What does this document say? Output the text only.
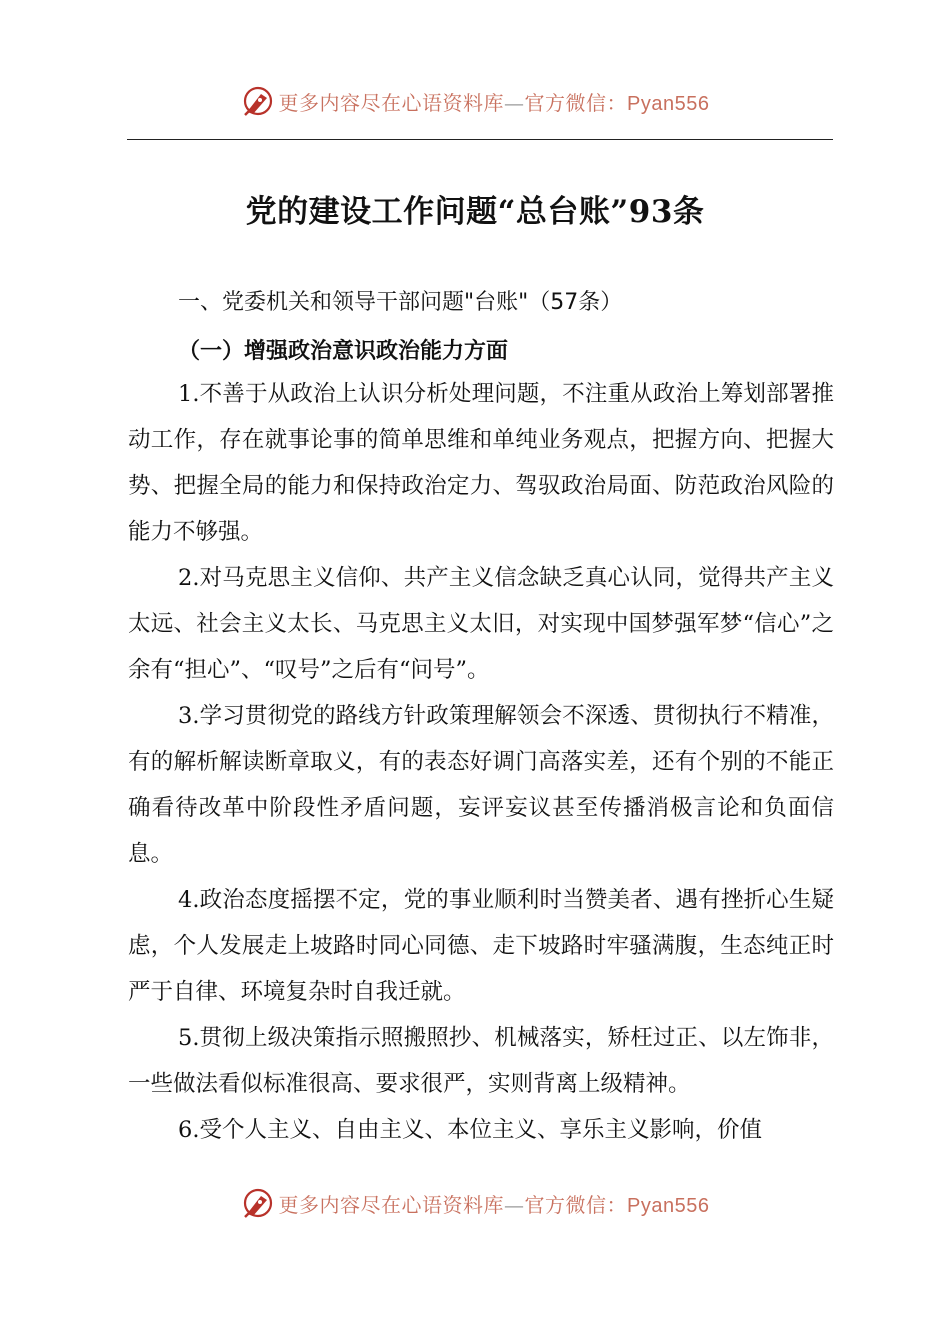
更多内容尽在心语资料库—官方微信：Pyan556
党的建设工作问题“总台账”93条
一、党委机关和领导干部问题"台账"（57条）
（一）增强政治意识政治能力方面

1.不善于从政治上认识分析处理问题，不注重从政治上筹划部署推动工作，存在就事论事的简单思维和单纯业务观点，把握方向、把握大势、把握全局的能力和保持政治定力、驾驭政治局面、防范政治风险的能力不够强。

2.对马克思主义信仰、共产主义信念缺乏真心认同，觉得共产主义太远、社会主义太长、马克思主义太旧，对实现中国梦强军梦“信心”之余有“担心”、“叹号”之后有“问号”。

3.学习贯彻党的路线方针政策理解领会不深透、贯彻执行不精准，有的解析解读断章取义，有的表态好调门高落实差，还有个别的不能正确看待改革中阶段性矛盾问题，妄评妄议甚至传播消极言论和负面信息。

4.政治态度摇摆不定，党的事业顺利时当赞美者、遇有挫折心生疑虑，个人发展走上坡路时同心同德、走下坡路时牢骚满腹，生态纯正时严于自律、环境复杂时自我迁就。

5.贯彻上级决策指示照搬照抄、机械落实，矫枉过正、以左饰非，一些做法看似标准很高、要求很严，实则背离上级精神。

6.受个人主义、自由主义、本位主义、享乐主义影响，价值

更多内容尽在心语资料库—官方微信：Pyan556
